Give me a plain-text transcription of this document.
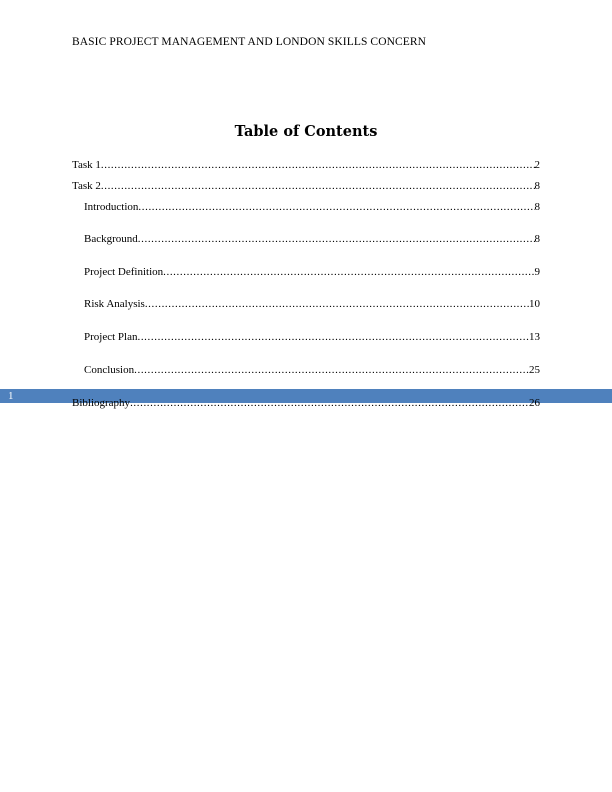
BASIC PROJECT MANAGEMENT AND LONDON SKILLS CONCERN
Table of Contents
Task 1 .....	2
Task 2 .....	8
Introduction .....	8
Background .....	8
Project Definition .....	9
Risk Analysis .....	10
Project Plan .....	13
Conclusion .....	25
1
Bibliography .....	26
